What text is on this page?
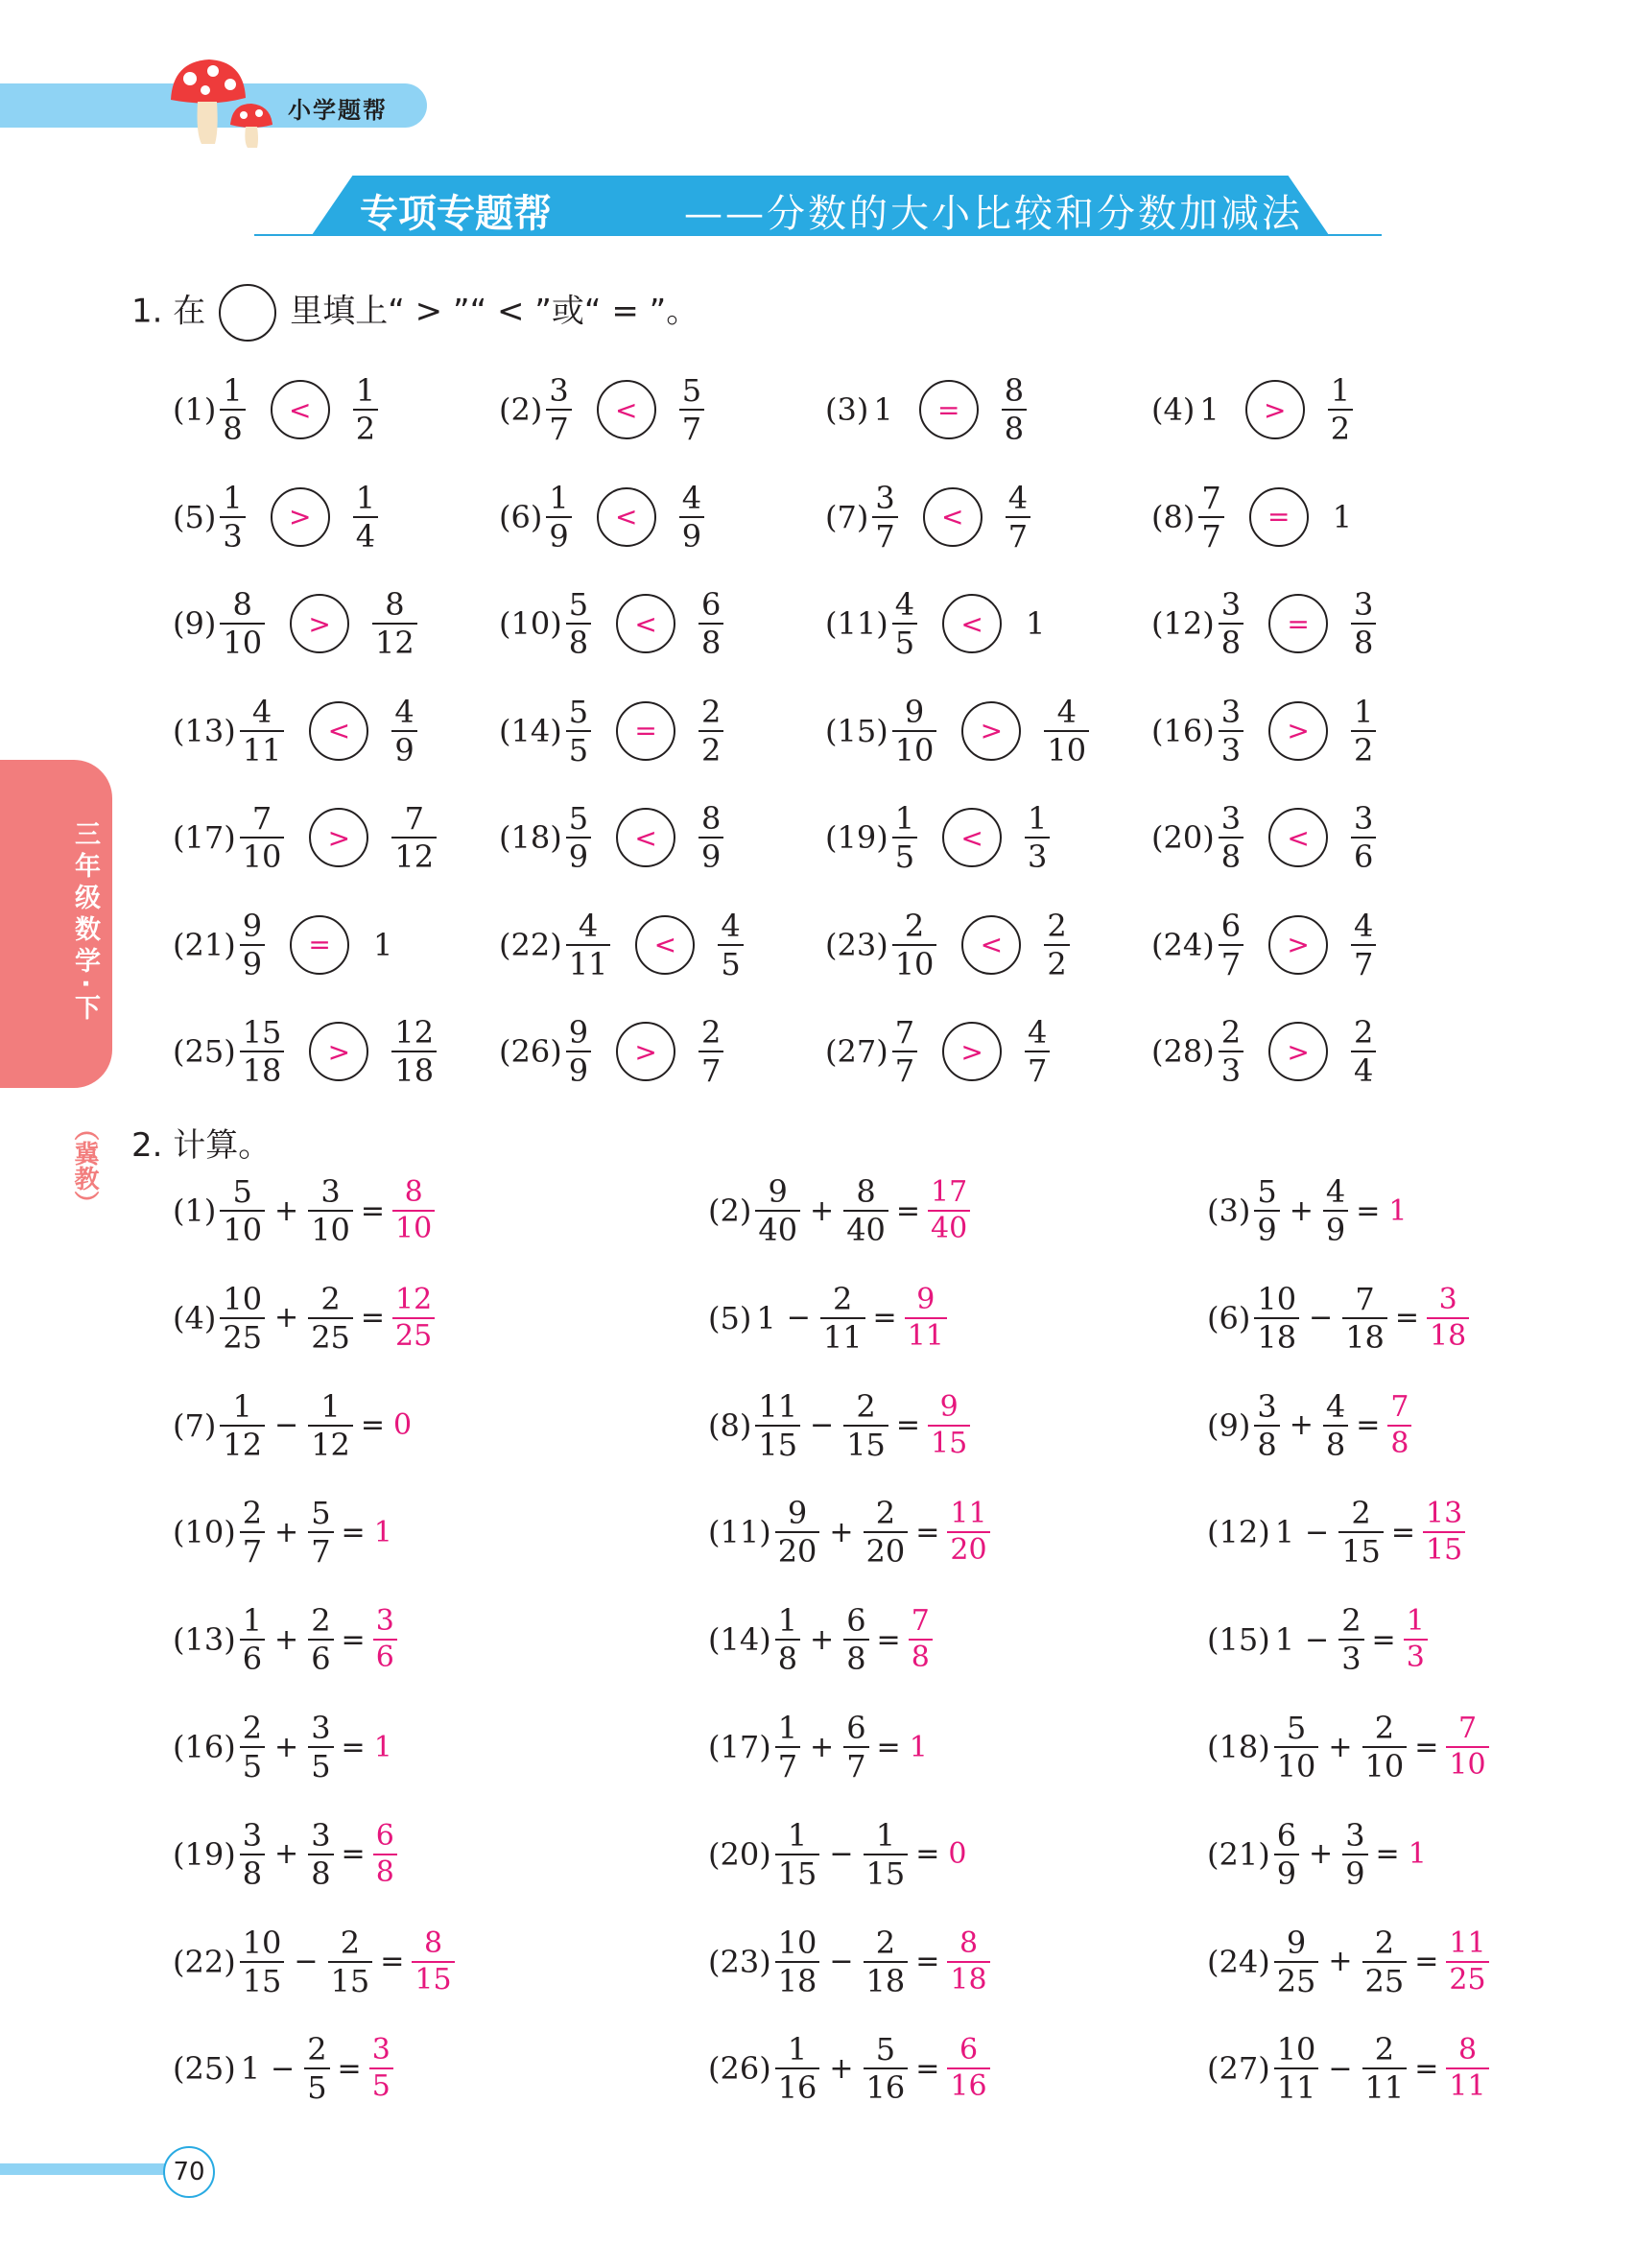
小学题帮
专项专题帮	——分数的大小比较和分数加减法
三年级数学·下
（冀教）
1. 在	里填上“ > ”“ < ”或“ = ”。
$(1) \frac{1}{8}$	<	$\frac{1}{2}$	$(2) \frac{3}{7}$	<	$\frac{5}{7}$	(3) 1	=	$\frac{8}{8}$	(4) 1	>	$\frac{1}{2}$
$(5) \frac{1}{3}$	>	$\frac{1}{4}$	$(6) \frac{1}{9}$	<	$\frac{4}{9}$	$(7) \frac{3}{7}$	<	$\frac{4}{7}$	$(8) \frac{7}{7}$	=	1
$(9) \frac{8}{10}$	>	$\frac{8}{12}$	$(10) \frac{5}{8}$	<	$\frac{6}{8}$	$(11) \frac{4}{5}$	<	1	$(12) \frac{3}{8}$	=	$\frac{3}{8}$
$(13) \frac{4}{11}$	<	$\frac{4}{9}$	$(14) \frac{5}{5}$	=	$\frac{2}{2}$	$(15) \frac{9}{10}$	>	$\frac{4}{10} (16) \frac{3}{3}$	>	$\frac{1}{2}$
$(17) \frac{7}{10}$	>	$\frac{7}{12} (18) \frac{5}{9}$	<	$\frac{8}{9}$	$(19) \frac{1}{5}$	<	$\frac{1}{3}$	$(20) \frac{3}{8}$	<	$\frac{3}{6}$
$(21) \frac{9}{9}$	=	1	$(22) \frac{4}{11}$	<	$\frac{4}{5}$	$(23) \frac{2}{10}$	<	$\frac{2}{2}$	$(24) \frac{6}{7}$	>	$\frac{4}{7}$
$(25) \frac{15}{18}$	>	$\frac{12}{18} (26) \frac{9}{9}$	>	$\frac{2}{7}$	$(27) \frac{7}{7}$	>	$\frac{4}{7}$	$(28) \frac{2}{3}$	>	$\frac{2}{4}$
2. 计算。
$(1) \frac{5}{10} + \frac{3}{10} = \frac{8}{10}$	$(2) \frac{9}{40} + \frac{8}{40} = \frac{17}{40}$	$(3) \frac{5}{9} + \frac{4}{9} = 1$
$(4) \frac{10}{25} + \frac{2}{25} = \frac{12}{25}$	(5) $1 - \frac{2}{11} = \frac{9}{11}$	$(6) \frac{10}{18} - \frac{7}{18} = \frac{3}{18}$
$(7) \frac{1}{12} - \frac{1}{12} = 0$	$(8) \frac{11}{15} - \frac{2}{15} = \frac{9}{15}$	$(9) \frac{3}{8} + \frac{4}{8} = \frac{7}{8}$
$(10) \frac{2}{7} + \frac{5}{7} = 1$	$(11) \frac{9}{20} + \frac{2}{20} = \frac{11}{20}$	(12) $1 - \frac{2}{15} = \frac{13}{15}$
$(13) \frac{1}{6} + \frac{2}{6} = \frac{3}{6}$	$(14) \frac{1}{8} + \frac{6}{8} = \frac{7}{8}$	(15) $1 - \frac{2}{3} = \frac{1}{3}$
$(16) \frac{2}{5} + \frac{3}{5} = 1$	$(17) \frac{1}{7} + \frac{6}{7} = 1$	$(18) \frac{5}{10} + \frac{2}{10} = \frac{7}{10}$
$(19) \frac{3}{8} + \frac{3}{8} = \frac{6}{8}$	$(20) \frac{1}{15} - \frac{1}{15} = 0$	$(21) \frac{6}{9} + \frac{3}{9} = 1$
$(22) \frac{10}{15} - \frac{2}{15} = \frac{8}{15}$	$(23) \frac{10}{18} - \frac{2}{18} = \frac{8}{18}$	$(24) \frac{9}{25} + \frac{2}{25} = \frac{11}{25}$
(25) $1 - \frac{2}{5} = \frac{3}{5}$	$(26) \frac{1}{16} + \frac{5}{16} = \frac{6}{16}$	$(27) \frac{10}{11} - \frac{2}{11} = \frac{8}{11}$
70
